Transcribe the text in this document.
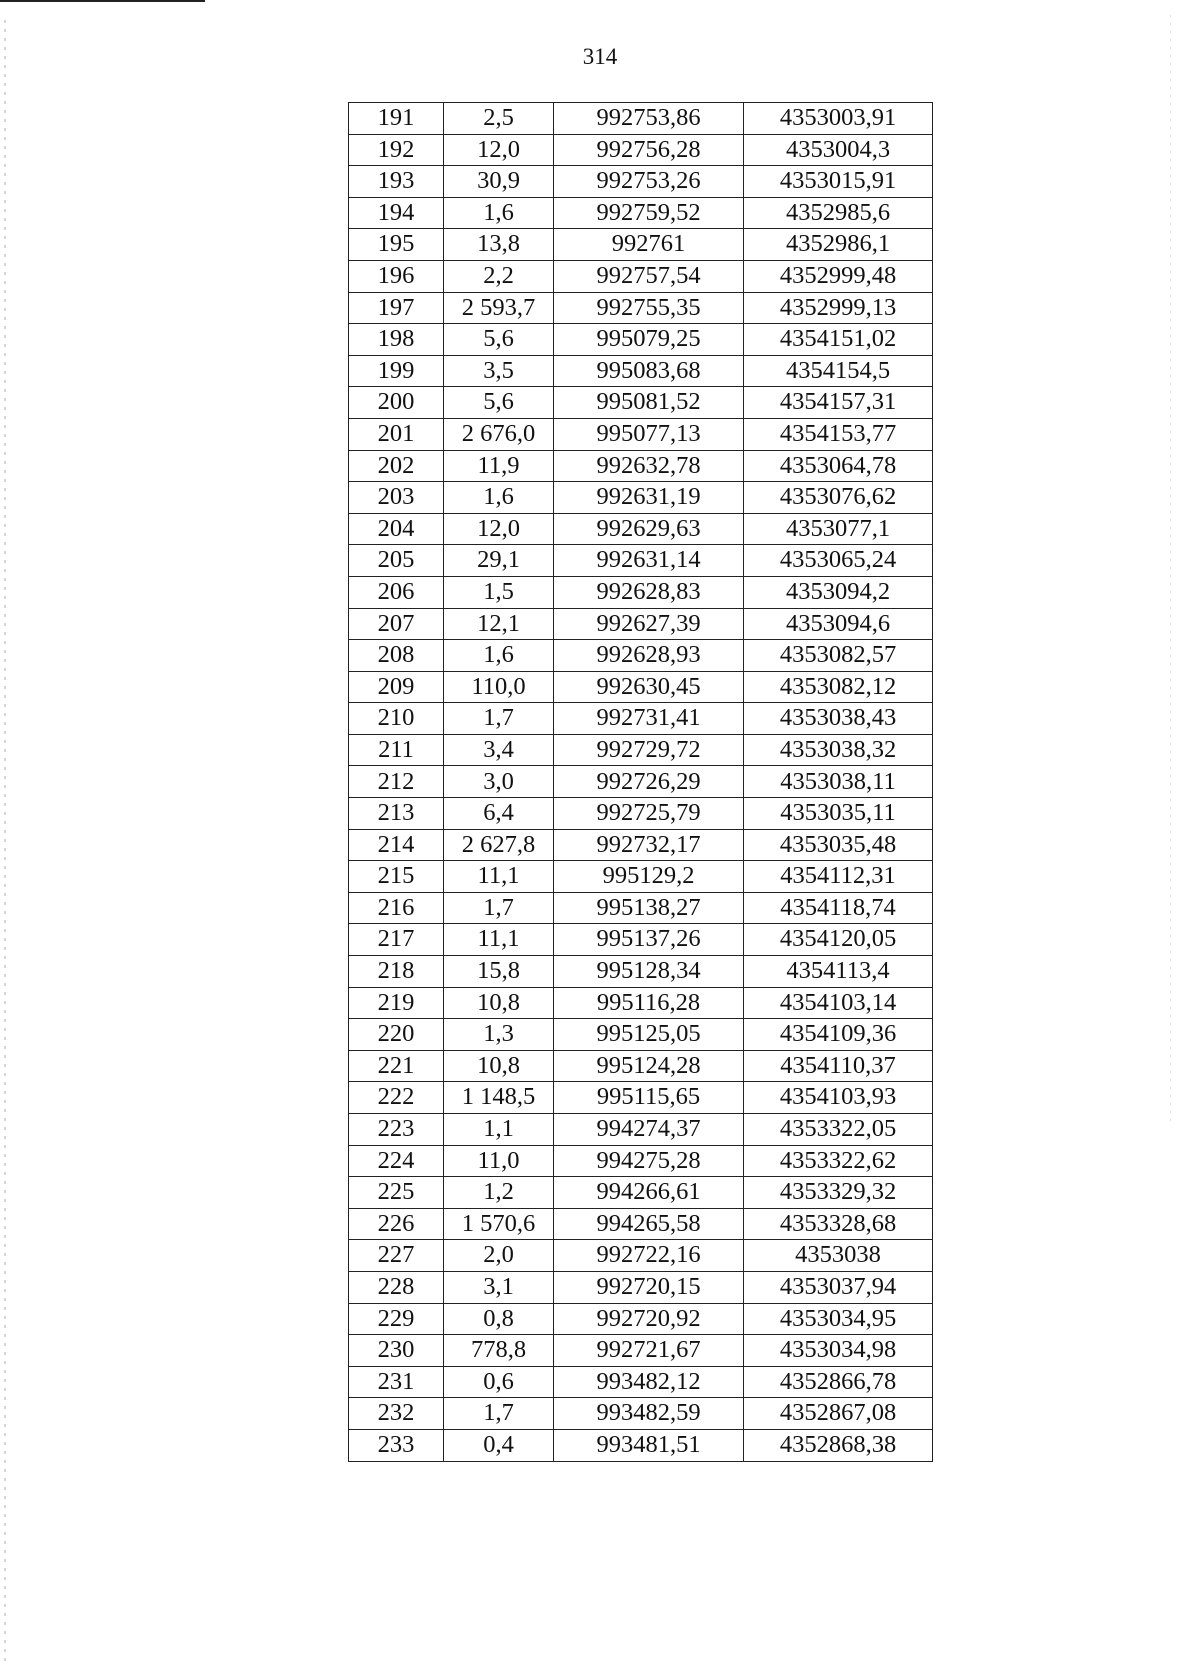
314
191	2,5	992753,86	4353003,91
192	12,0	992756,28	4353004,3
193	30,9	992753,26	4353015,91
194	1,6	992759,52	4352985,6
195	13,8	992761	4352986,1
196	2,2	992757,54	4352999,48
197	2 593,7	992755,35	4352999,13
198	5,6	995079,25	4354151,02
199	3,5	995083,68	4354154,5
200	5,6	995081,52	4354157,31
201	2 676,0	995077,13	4354153,77
202	11,9	992632,78	4353064,78
203	1,6	992631,19	4353076,62
204	12,0	992629,63	4353077,1
205	29,1	992631,14	4353065,24
206	1,5	992628,83	4353094,2
207	12,1	992627,39	4353094,6
208	1,6	992628,93	4353082,57
209	110,0	992630,45	4353082,12
210	1,7	992731,41	4353038,43
211	3,4	992729,72	4353038,32
212	3,0	992726,29	4353038,11
213	6,4	992725,79	4353035,11
214	2 627,8	992732,17	4353035,48
215	11,1	995129,2	4354112,31
216	1,7	995138,27	4354118,74
217	11,1	995137,26	4354120,05
218	15,8	995128,34	4354113,4
219	10,8	995116,28	4354103,14
220	1,3	995125,05	4354109,36
221	10,8	995124,28	4354110,37
222	1 148,5	995115,65	4354103,93
223	1,1	994274,37	4353322,05
224	11,0	994275,28	4353322,62
225	1,2	994266,61	4353329,32
226	1 570,6	994265,58	4353328,68
227	2,0	992722,16	4353038
228	3,1	992720,15	4353037,94
229	0,8	992720,92	4353034,95
230	778,8	992721,67	4353034,98
231	0,6	993482,12	4352866,78
232	1,7	993482,59	4352867,08
233	0,4	993481,51	4352868,38
